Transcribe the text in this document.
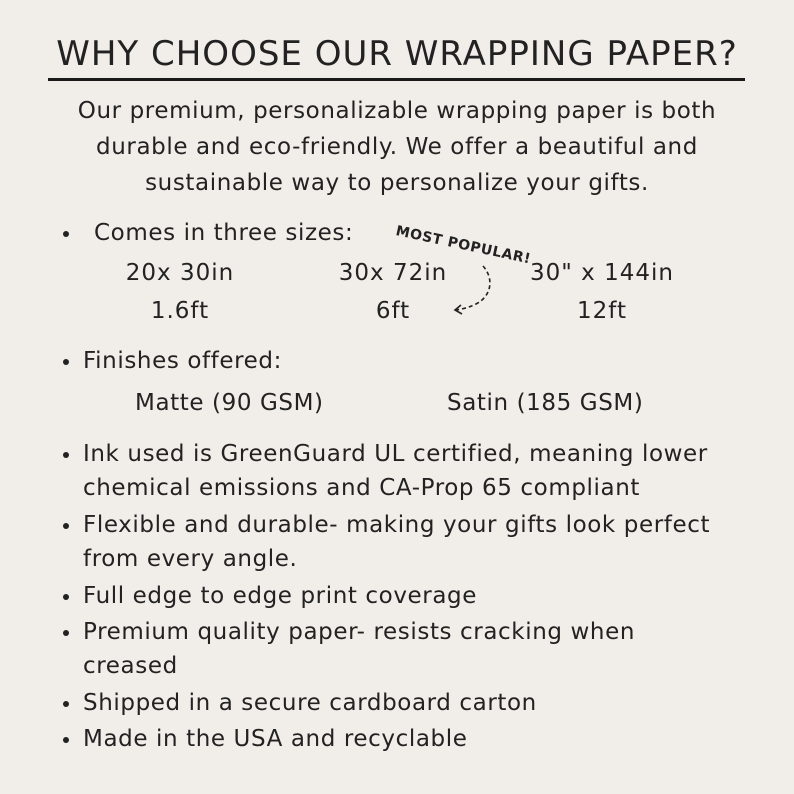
WHY CHOOSE OUR WRAPPING PAPER?

Our premium, personalizable wrapping paper is both
durable and eco-friendly. We offer a beautiful and
sustainable way to personalize your gifts.

Comes in three sizes:	MOST POPULAR!
20x 30in
1.6ft
30x 72in
6ft
30" x 144in
12ft
Finishes offered:
Matte (90 GSM)	Satin (185 GSM)
Ink used is GreenGuard UL certified, meaning lower
chemical emissions and CA-Prop 65 compliant
Flexible and durable- making your gifts look perfect
from every angle.
Full edge to edge print coverage
Premium quality paper- resists cracking when
creased
Shipped in a secure cardboard carton
Made in the USA and recyclable
